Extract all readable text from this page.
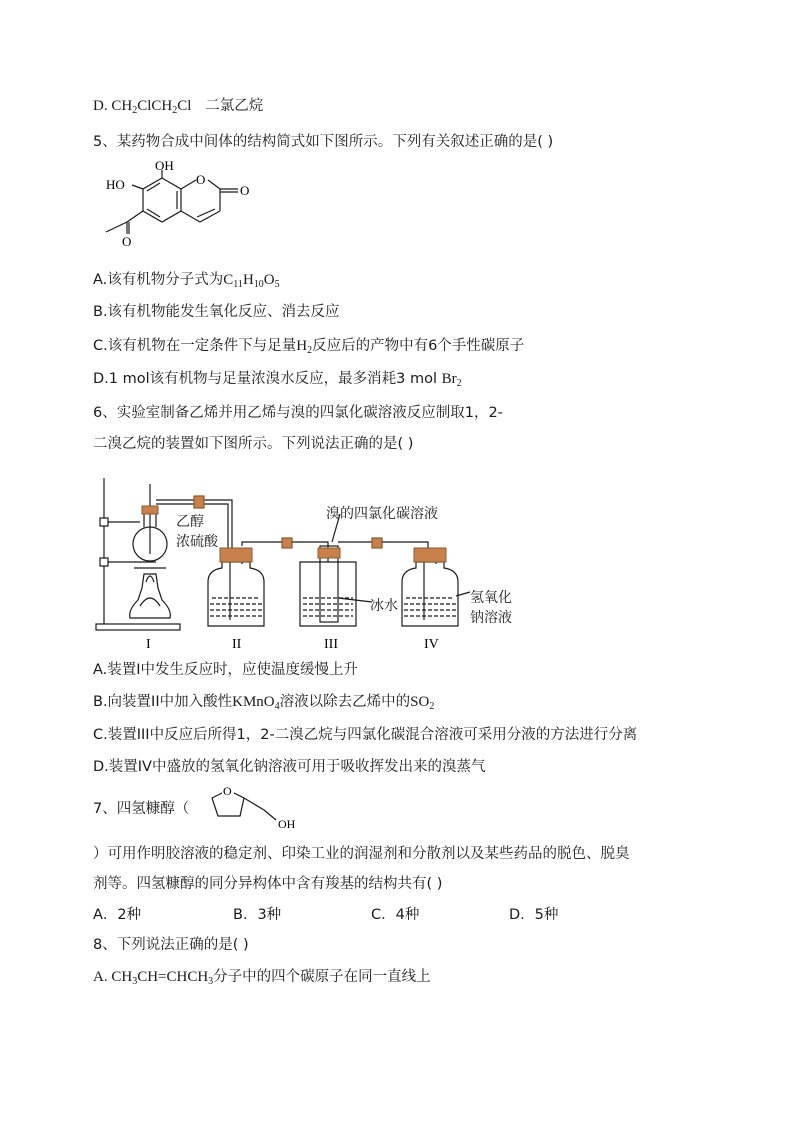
D. $CH_2ClCH_2Cl$ 二氯乙烷
5、某药物合成中间体的结构简式如下图所示。下列有关叙述正确的是( )
OH
HO	O
O
O
A.该有机物分子式为$C_{11}H_{10}O_5$
B.该有机物能发生氧化反应、消去反应
C.该有机物在一定条件下与足量$H_2$反应后的产物中有6个手性碳原子
D.1 mol该有机物与足量浓溴水反应，最多消耗3 mol $Br_2$
6、实验室制备乙烯并用乙烯与溴的四氯化碳溶液反应制取1，2-
二溴乙烷的装置如下图所示。下列说法正确的是( )
乙醇
浓硫酸
溴的四氯化碳溶液
冰水	氢氧化
钠溶液
I	II	III	IV
A.装置I中发生反应时，应使温度缓慢上升
B.向装置II中加入酸性KMnO$_4$溶液以除去乙烯中的$SO_2$
C.装置III中反应后所得1，2-二溴乙烷与四氯化碳混合溶液可采用分液的方法进行分离
D.装置IV中盛放的氢氧化钠溶液可用于吸收挥发出来的溴蒸气
7、四氢糠醇（
O
OH
）可用作明胶溶液的稳定剂、印染工业的润湿剂和分散剂以及某些药品的脱色、脱臭
剂等。四氢糠醇的同分异构体中含有羧基的结构共有( )
A．2种	B．3种	C．4种	D．5种
8、下列说法正确的是( )
A. $CH_3CH=CHCH_3$分子中的四个碳原子在同一直线上
